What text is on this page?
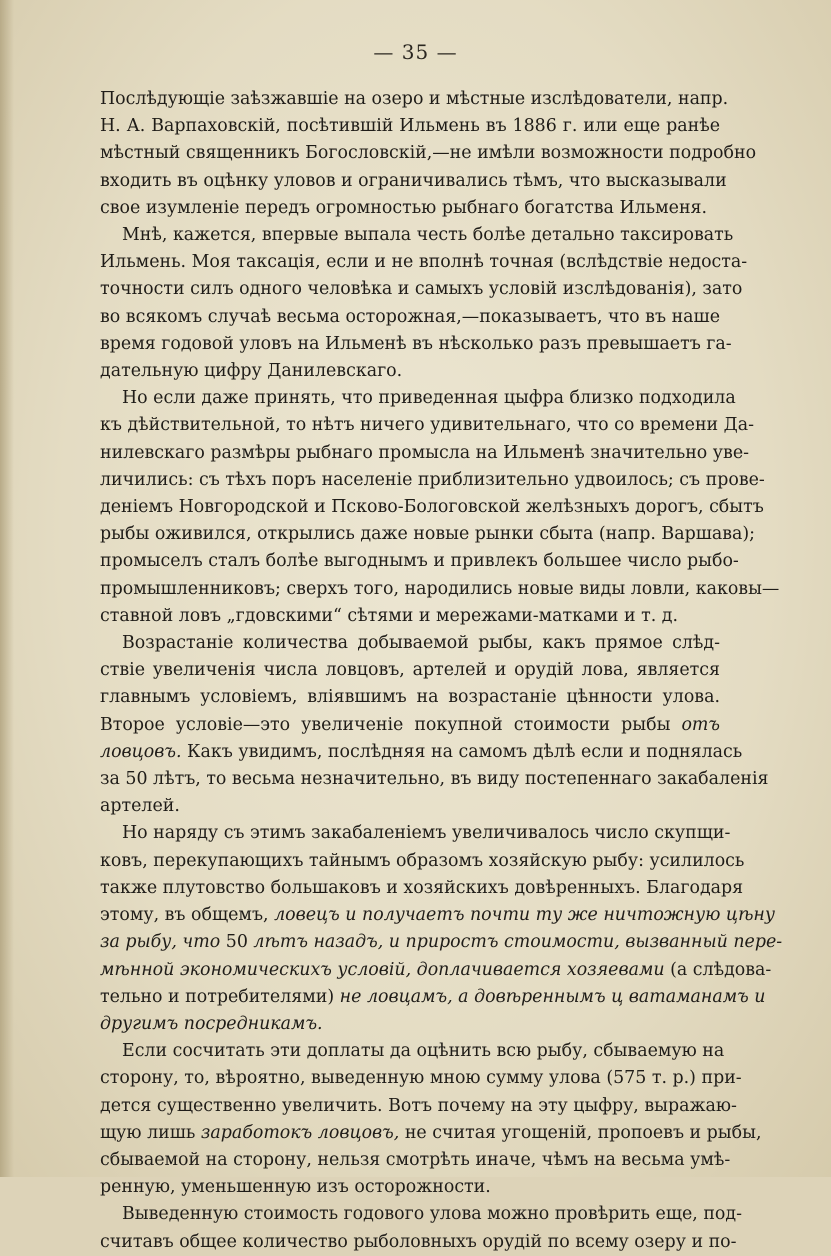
— 35 —

Послѣдующіе заѣзжавшіе на озеро и мѣстные изслѣдователи, напр.
Н. А. Варпаховскій, посѣтившій Ильмень въ 1886 г. или еще ранѣе
мѣстный священникъ Богословскій,—не имѣли возможности подробно
входить въ оцѣнку уловов и ограничивались тѣмъ, что высказывали
свое изумленіе передъ огромностью рыбнаго богатства Ильменя.

Мнѣ, кажется, впервые выпала честь болѣе детально таксировать
Ильмень. Моя таксація, если и не вполнѣ точная (вслѣдствіе недоста-
точности силъ одного человѣка и самыхъ условій изслѣдованія), зато
во всякомъ случаѣ весьма осторожная,—показываетъ, что въ наше
время годовой уловъ на Ильменѣ въ нѣсколько разъ превышаетъ га-
дательную цифру Данилевскаго.

Но если даже принять, что приведенная цыфра близко подходила
къ дѣйствительной, то нѣтъ ничего удивительнаго, что со времени Да-
нилевскаго размѣры рыбнаго промысла на Ильменѣ значительно уве-
личились: съ тѣхъ поръ населеніе приблизительно удвоилось; съ прове-
деніемъ Новгородской и Псково-Бологовской желѣзныхъ дорогъ, сбытъ
рыбы оживился, открылись даже новые рынки сбыта (напр. Варшава);
промыселъ сталъ болѣе выгоднымъ и привлекъ большее число рыбо-
промышленниковъ; сверхъ того, народились новые виды ловли, каковы—
ставной ловъ „гдовскими“ сѣтями и мережами-матками и т. д.

Возрастаніе количества добываемой рыбы, какъ прямое слѣд-
ствіе увеличенія числа ловцовъ, артелей и орудій лова, является
главнымъ условіемъ, вліявшимъ на возрастаніе цѣнности улова.
Второе условіе—это увеличеніе покупной стоимости рыбы отъ
ловцовъ. Какъ увидимъ, послѣдняя на самомъ дѣлѣ если и поднялась
за 50 лѣтъ, то весьма незначительно, въ виду постепеннаго закабаленія
артелей.

Но наряду съ этимъ закабаленіемъ увеличивалось число скупщи-
ковъ, перекупающихъ тайнымъ образомъ хозяйскую рыбу: усилилось
также плутовство большаковъ и хозяйскихъ довѣренныхъ. Благодаря
этому, въ общемъ, ловецъ и получаетъ почти ту же ничтожную цѣну
за рыбу, что 50 лѣтъ назадъ, и приростъ стоимости, вызванный пере-
мѣнной экономическихъ условій, доплачивается хозяевами (а слѣдова-
тельно и потребителями) не ловцамъ, а довѣреннымъ ц ватаманамъ и
другимъ посредникамъ.

Если сосчитать эти доплаты да оцѣнить всю рыбу, сбываемую на
сторону, то, вѣроятно, выведенную мною сумму улова (575 т. р.) при-
дется существенно увеличить. Вотъ почему на эту цыфру, выражаю-
щую лишь заработокъ ловцовъ, не считая угощеній, пропоевъ и рыбы,
сбываемой на сторону, нельзя смотрѣть иначе, чѣмъ на весьма умѣ-
ренную, уменьшенную изъ осторожности.

Выведенную стоимость годового улова можно провѣрить еще, под-
считавъ общее количество рыболовныхъ орудій по всему озеру и по-
